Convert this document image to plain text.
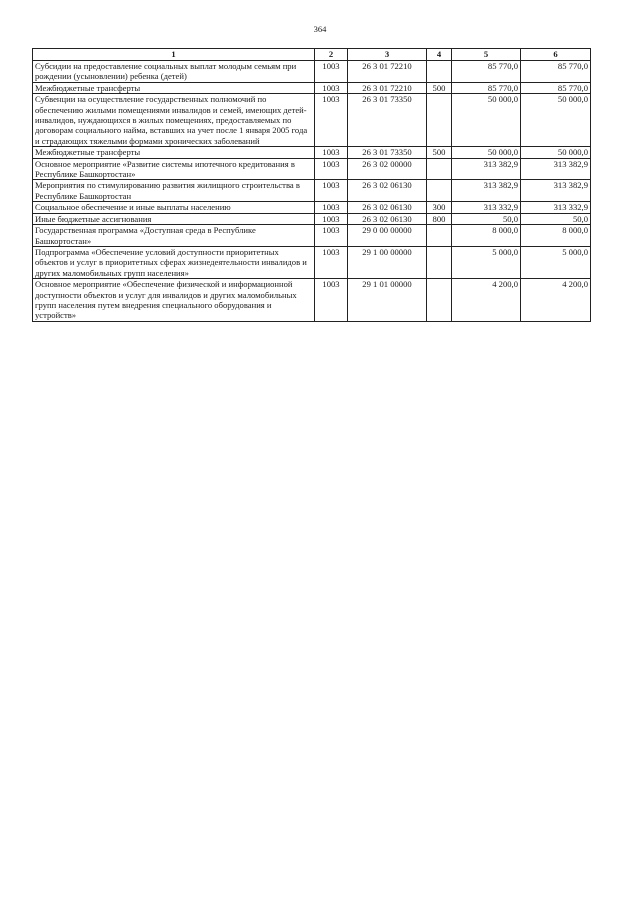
364
1	2	3	4	5	6
Субсидии на предоставление социальных выплат молодым семьям при рождении (усыновлении) ребенка (детей)	1003	26 3 01 72210		85 770,0	85 770,0
Межбюджетные трансферты	1003	26 3 01 72210	500	85 770,0	85 770,0
Субвенции на осуществление государственных полномочий по обеспечению жилыми помещениями инвалидов и семей, имеющих детей-инвалидов, нуждающихся в жилых помещениях, предоставляемых по договорам социального найма, вставших на учет после 1 января 2005 года и страдающих тяжелыми формами хронических заболеваний	1003	26 3 01 73350		50 000,0	50 000,0
Межбюджетные трансферты	1003	26 3 01 73350	500	50 000,0	50 000,0
Основное мероприятие «Развитие системы ипотечного кредитования в Республике Башкортостан»	1003	26 3 02 00000		313 382,9	313 382,9
Мероприятия по стимулированию развития жилищного строительства в Республике Башкортостан	1003	26 3 02 06130		313 382,9	313 382,9
Социальное обеспечение и иные выплаты населению	1003	26 3 02 06130	300	313 332,9	313 332,9
Иные бюджетные ассигнования	1003	26 3 02 06130	800	50,0	50,0
Государственная программа «Доступная среда в Республике Башкортостан»	1003	29 0 00 00000		8 000,0	8 000,0
Подпрограмма «Обеспечение условий доступности приоритетных объектов и услуг в приоритетных сферах жизнедеятельности инвалидов и других маломобильных групп населения»	1003	29 1 00 00000		5 000,0	5 000,0
Основное мероприятие «Обеспечение физической и информационной доступности объектов и услуг для инвалидов и других маломобильных групп населения путем внедрения специального оборудования и устройств»	1003	29 1 01 00000		4 200,0	4 200,0
